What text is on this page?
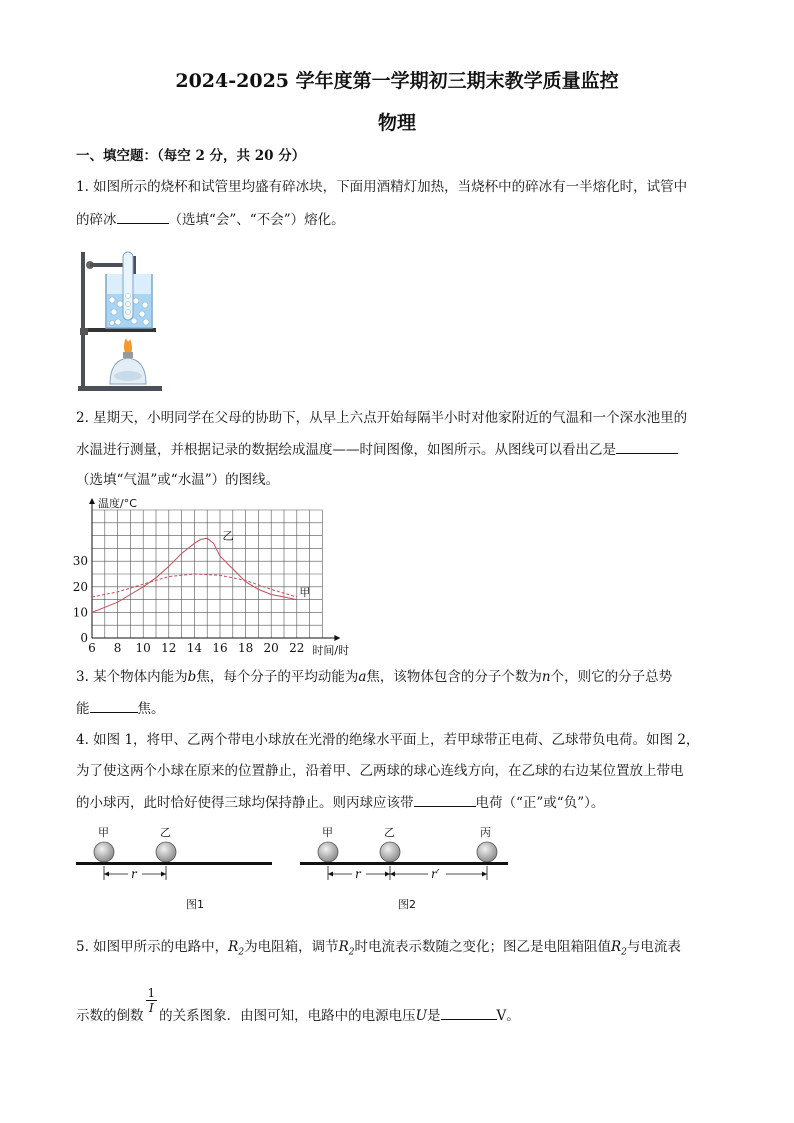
2024-2025 学年度第一学期初三期末教学质量监控
物理
一、填空题：（每空 2 分，共 20 分）
1. 如图所示的烧杯和试管里均盛有碎冰块，下面用酒精灯加热，当烧杯中的碎冰有一半熔化时，试管中
的碎冰	（选填“会”、“不会”）熔化。
2. 星期天，小明同学在父母的协助下，从早上六点开始每隔半小时对他家附近的气温和一个深水池里的
水温进行测量，并根据记录的数据绘成温度——时间图像，如图所示。从图线可以看出乙是
（选填“气温”或“水温”）的图线。
6 8 10 12 14 16 18 20 22
0
10
20
30
温度/°C
时间/时
乙
甲
3. 某个物体内能为b焦，每个分子的平均动能为a焦，该物体包含的分子个数为n个，则它的分子总势
能	焦。
4. 如图 1，将甲、乙两个带电小球放在光滑的绝缘水平面上，若甲球带正电荷、乙球带负电荷。如图 2，
为了使这两个小球在原来的位置静止，沿着甲、乙两球的球心连线方向，在乙球的右边某位置放上带电
的小球丙，此时恰好使得三球均保持静止。则丙球应该带	电荷（“正”或“负”）。
甲	乙
r
图1
甲	乙	丙
r	r′
图2
5. 如图甲所示的电路中，$R_2$为电阻箱，调节$R_2$时电流表示数随之变化；图乙是电阻箱阻值$R_2$与电流表
示数的倒数
$\frac{1}{I}$
的关系图象．由图可知，电路中的电源电压U是	V。
